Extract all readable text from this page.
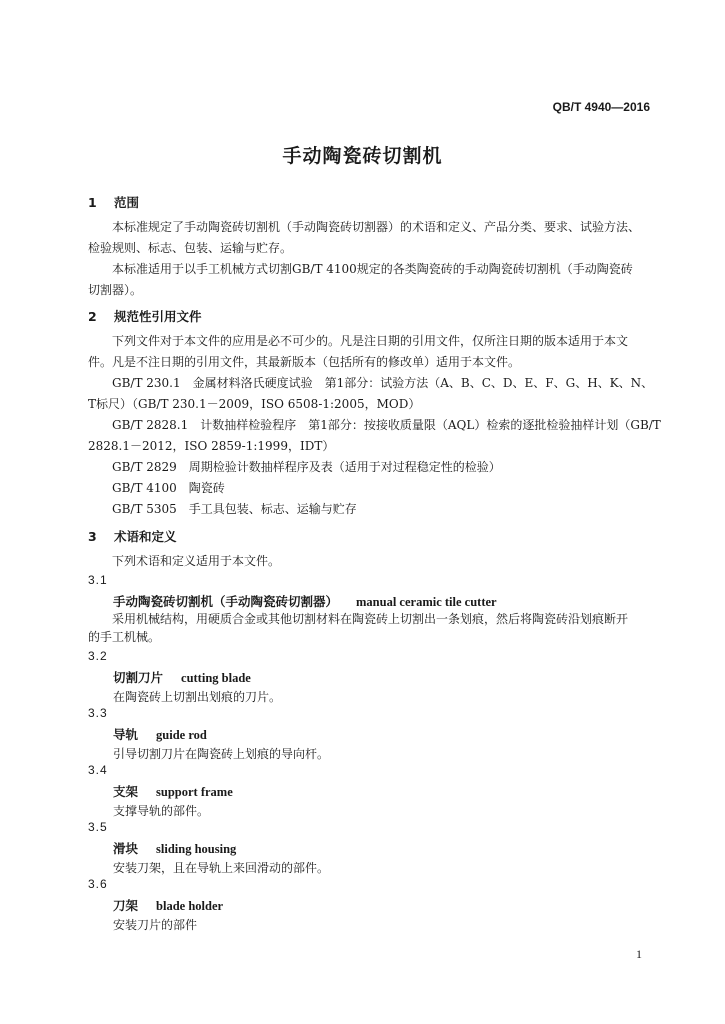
QB/T 4940—2016
手动陶瓷砖切割机
1 范围
本标准规定了手动陶瓷砖切割机（手动陶瓷砖切割器）的术语和定义、产品分类、要求、试验方法、
检验规则、标志、包装、运输与贮存。
本标准适用于以手工机械方式切割GB/T 4100规定的各类陶瓷砖的手动陶瓷砖切割机（手动陶瓷砖
切割器）。
2 规范性引用文件
下列文件对于本文件的应用是必不可少的。凡是注日期的引用文件，仅所注日期的版本适用于本文
件。凡是不注日期的引用文件，其最新版本（包括所有的修改单）适用于本文件。
GB/T 230.1　金属材料洛氏硬度试验　第1部分：试验方法（A、B、C、D、E、F、G、H、K、N、
T标尺）（GB/T 230.1－2009，ISO 6508-1:2005，MOD）
GB/T 2828.1　计数抽样检验程序　第1部分：按接收质量限（AQL）检索的逐批检验抽样计划（GB/T
2828.1－2012，ISO 2859-1:1999，IDT）
GB/T 2829　周期检验计数抽样程序及表（适用于对过程稳定性的检验）
GB/T 4100　陶瓷砖
GB/T 5305　手工具包装、标志、运输与贮存
3 术语和定义
下列术语和定义适用于本文件。
3.1
手动陶瓷砖切割机（手动陶瓷砖切割器） manual ceramic tile cutter
采用机械结构，用硬质合金或其他切割材料在陶瓷砖上切割出一条划痕，然后将陶瓷砖沿划痕断开
的手工机械。
3.2
切割刀片 cutting blade
在陶瓷砖上切割出划痕的刀片。
3.3
导轨 guide rod
引导切割刀片在陶瓷砖上划痕的导向杆。
3.4
支架 support frame
支撑导轨的部件。
3.5
滑块 sliding housing
安装刀架，且在导轨上来回滑动的部件。
3.6
刀架 blade holder
安装刀片的部件
1
